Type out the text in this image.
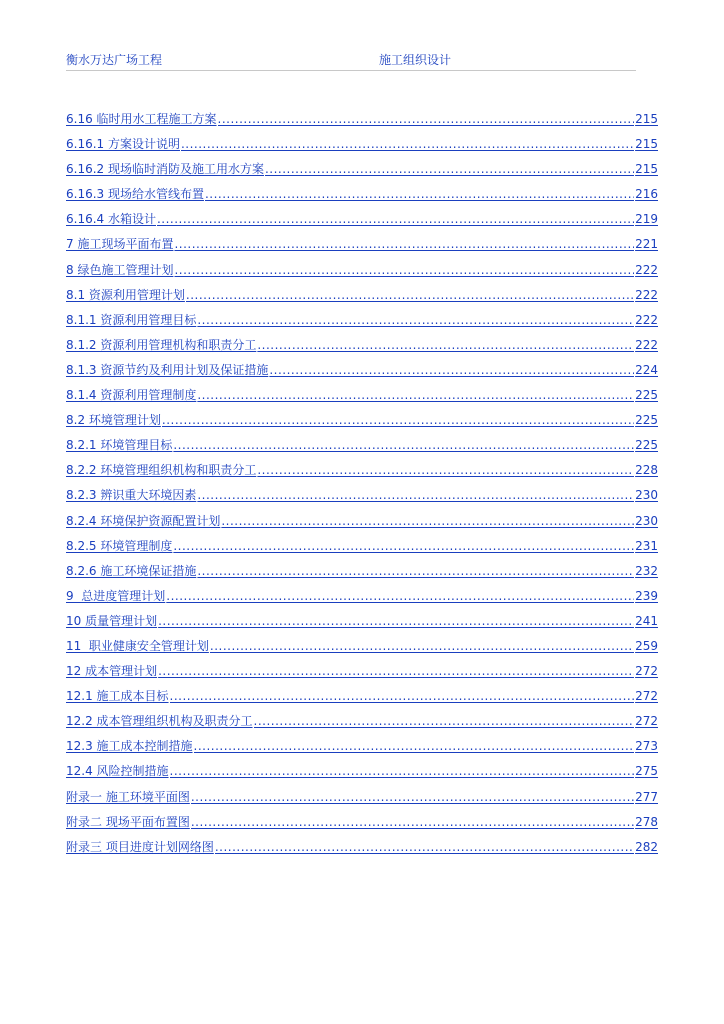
衡水万达广场工程	施工组织设计
6.16 临时用水工程施工方案 .....	215
6.16.1 方案设计说明 .....	215
6.16.2 现场临时消防及施工用水方案 .....	215
6.16.3 现场给水管线布置 .....	216
6.16.4 水箱设计 .....	219
7 施工现场平面布置 .....	221
8 绿色施工管理计划 .....	222
8.1 资源利用管理计划 .....	222
8.1.1 资源利用管理目标 .....	222
8.1.2 资源利用管理机构和职责分工 .....	222
8.1.3 资源节约及利用计划及保证措施 .....	224
8.1.4 资源利用管理制度 .....	225
8.2 环境管理计划 .....	225
8.2.1 环境管理目标 .....	225
8.2.2 环境管理组织机构和职责分工 .....	228
8.2.3 辨识重大环境因素 .....	230
8.2.4 环境保护资源配置计划 .....	230
8.2.5 环境管理制度 .....	231
8.2.6 施工环境保证措施 .....	232
9  总进度管理计划 .....	239
10 质量管理计划 .....	241
11  职业健康安全管理计划 .....	259
12 成本管理计划 .....	272
12.1 施工成本目标 .....	272
12.2 成本管理组织机构及职责分工 .....	272
12.3 施工成本控制措施 .....	273
12.4 风险控制措施 .....	275
附录一 施工环境平面图 .....	277
附录二 现场平面布置图 .....	278
附录三 项目进度计划网络图 .....	282
